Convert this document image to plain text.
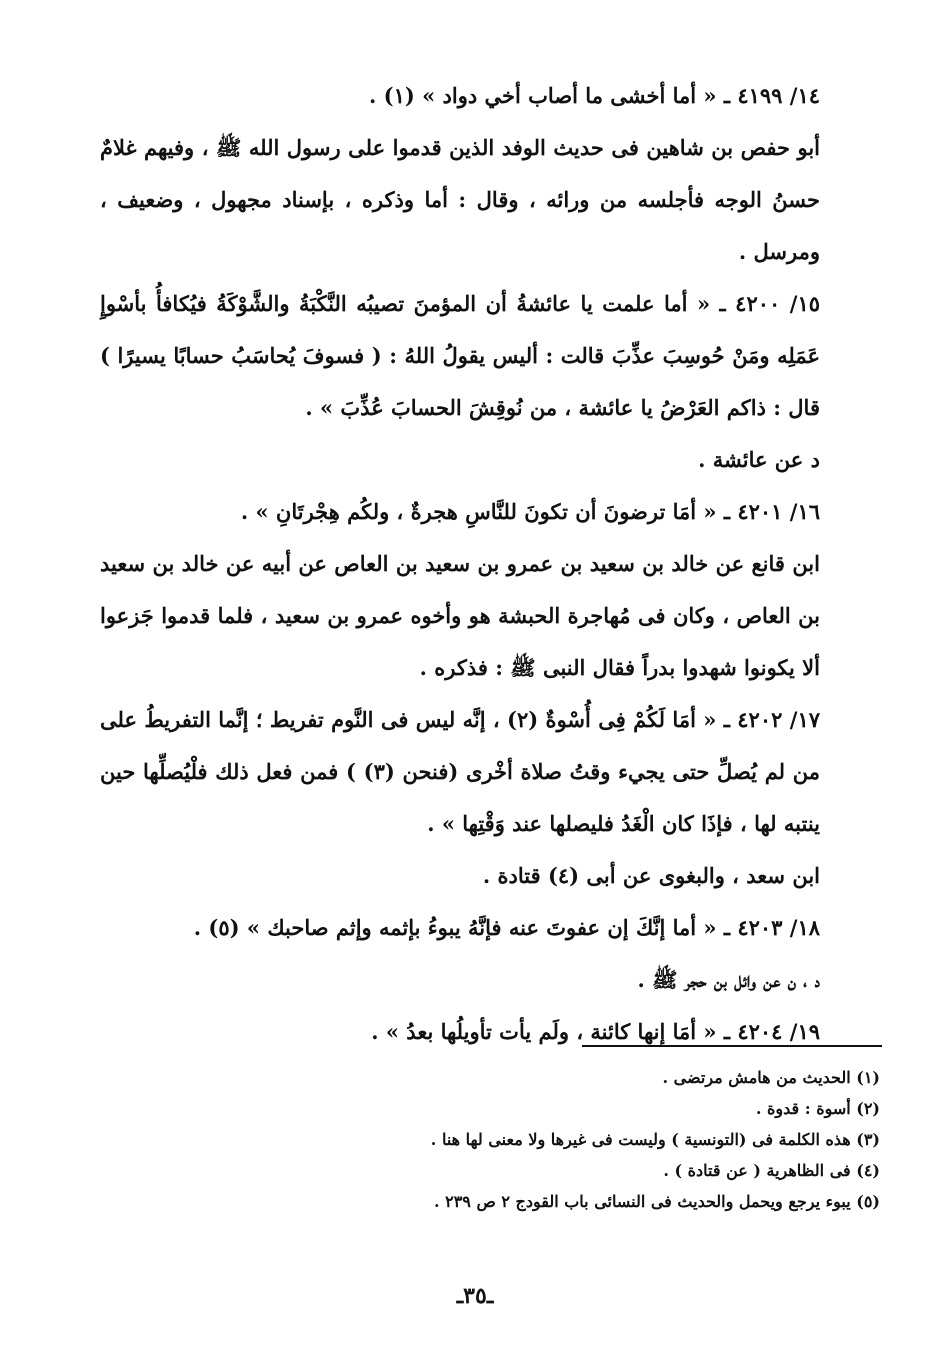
١٤/ ٤١٩٩ ـ « أما أخشى ما أصاب أخي دواد » (١) .

أبو حفص بن شاهين فى حديث الوفد الذين قدموا على رسول الله ﷺ ، وفيهم غلامٌ حسنُ الوجه فأجلسه من ورائه ، وقال : أما وذكره ، بإسناد مجهول ، وضعيف ، ومرسل .

١٥/ ٤٢٠٠ ـ « أما علمت يا عائشةُ أن المؤمنَ تصيبُه النَّكْبَةُ والشَّوْكَةُ فيُكافأُ بأسْوإِ عَمَلِه ومَنْ حُوسِبَ عذِّبَ قالت : أليس يقولُ اللهُ : ( فسوفَ يُحاسَبُ حسابًا يسيرًا ) قال : ذاكم العَرْضُ يا عائشة ، من نُوقِشَ الحسابَ عُذِّبَ » .

د عن عائشة .

١٦/ ٤٢٠١ ـ « أمَا ترضونَ أن تكونَ للنَّاسِ هجرةٌ ، ولكُم هِجْرتَانِ » .

ابن قانع عن خالد بن سعيد بن عمرو بن سعيد بن العاص عن أبيه عن خالد بن سعيد بن العاص ، وكان فى مُهاجرة الحبشة هو وأخوه عمرو بن سعيد ، فلما قدموا جَزعوا ألا يكونوا شهدوا بدراً فقال النبى ﷺ : فذكره .

١٧/ ٤٢٠٢ ـ « أمَا لَكُمْ فِى أُسْوةٌ (٢) ، إنَّه ليس فى النَّوم تفريط ؛ إنَّما التفريطُ على من لم يُصلِّ حتى يجيء وقتُ صلاة أخْرى (فنحن (٣) ) فمن فعل ذلك فلْيُصلِّها حين ينتبه لها ، فإذَا كان الْغَدُ فليصلها عند وَقْتِها » .

ابن سعد ، والبغوى عن أبى (٤) قتادة .

١٨/ ٤٢٠٣ ـ « أما إنَّكَ إن عفوتَ عنه فإنَّهُ يبوءُ بإثمه وإثم صاحبك » (٥) .

د ، ن عن وائل بن حجر ﷺ .

١٩/ ٤٢٠٤ ـ « أمَا إنها كائنة ، ولَم يأت تأويلُها بعدُ » .

(١) الحديث من هامش مرتضى .

(٢) أسوة : قدوة .

(٣) هذه الكلمة فى (التونسية ) وليست فى غيرها ولا معنى لها هنا .

(٤) فى الظاهرية ( عن قتادة ) .

(٥) يبوء يرجع ويحمل والحديث فى النسائى باب القودج ٢ ص ٢٣٩ .

ـ٣٥ـ
